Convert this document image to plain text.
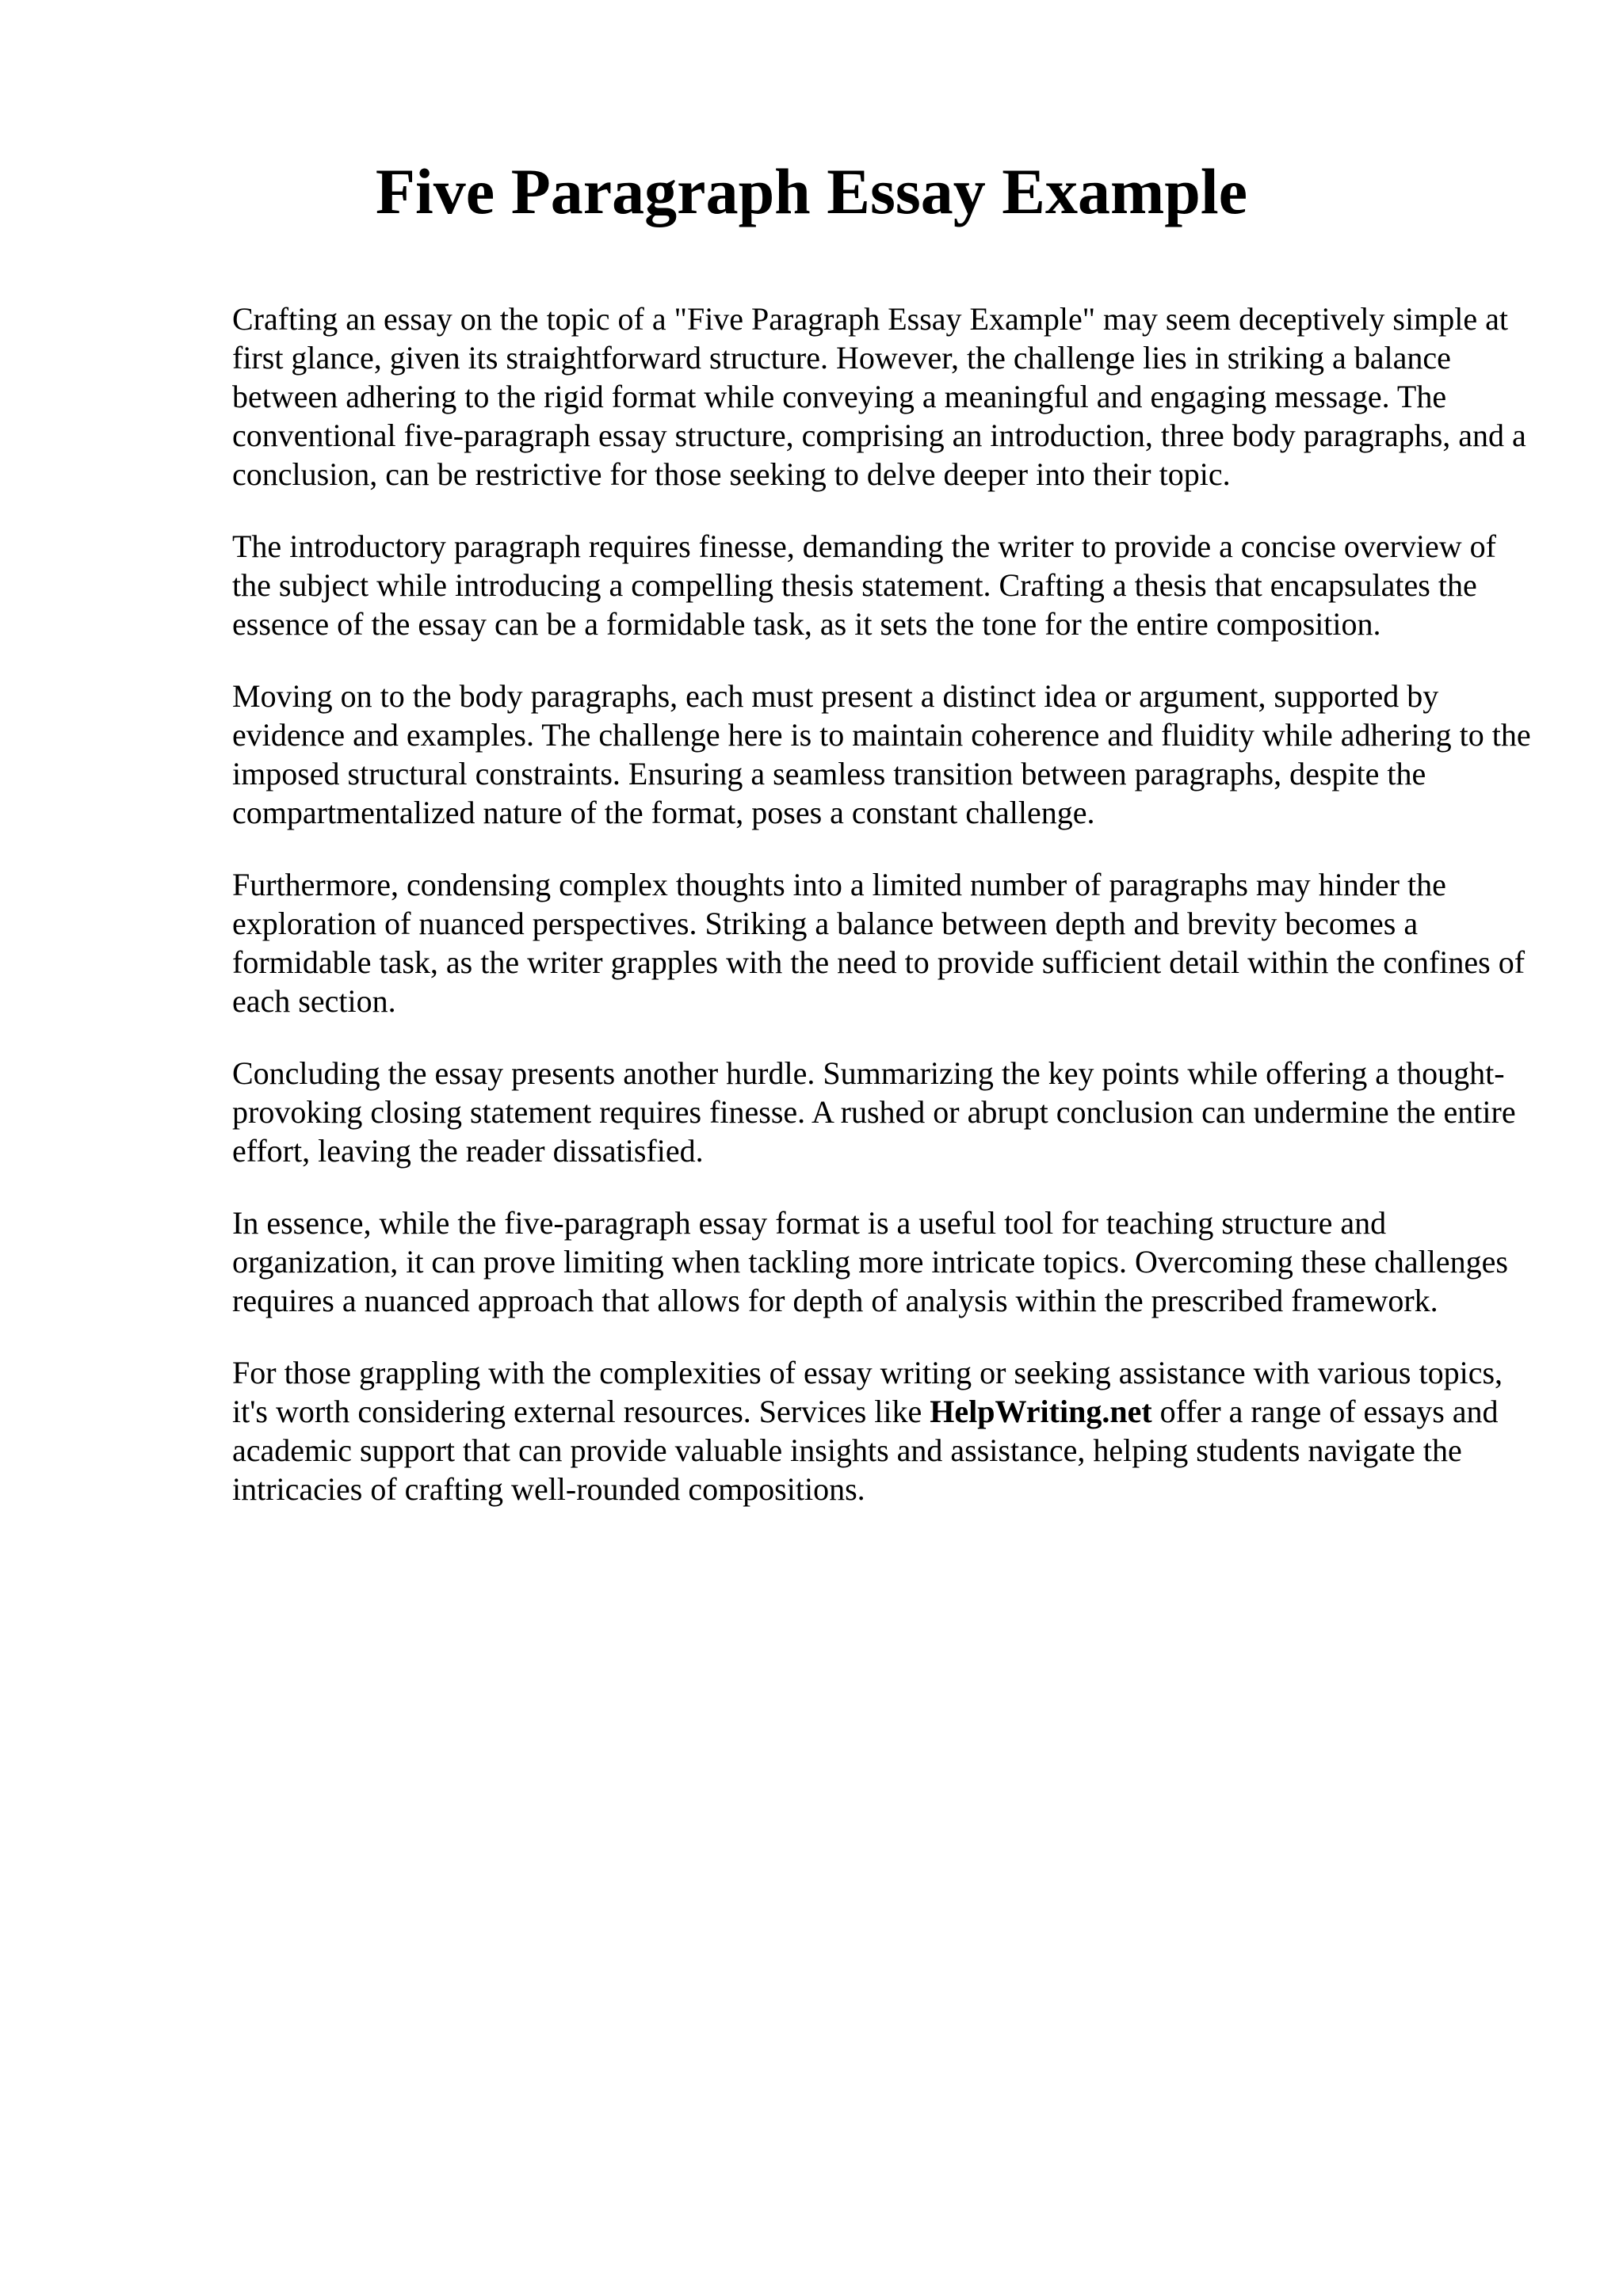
Five Paragraph Essay Example

Crafting an essay on the topic of a "Five Paragraph Essay Example" may seem deceptively simple at first glance, given its straightforward structure. However, the challenge lies in striking a balance between adhering to the rigid format while conveying a meaningful and engaging message. The conventional five-paragraph essay structure, comprising an introduction, three body paragraphs, and a conclusion, can be restrictive for those seeking to delve deeper into their topic.

The introductory paragraph requires finesse, demanding the writer to provide a concise overview of the subject while introducing a compelling thesis statement. Crafting a thesis that encapsulates the essence of the essay can be a formidable task, as it sets the tone for the entire composition.

Moving on to the body paragraphs, each must present a distinct idea or argument, supported by evidence and examples. The challenge here is to maintain coherence and fluidity while adhering to the imposed structural constraints. Ensuring a seamless transition between paragraphs, despite the compartmentalized nature of the format, poses a constant challenge.

Furthermore, condensing complex thoughts into a limited number of paragraphs may hinder the exploration of nuanced perspectives. Striking a balance between depth and brevity becomes a formidable task, as the writer grapples with the need to provide sufficient detail within the confines of each section.

Concluding the essay presents another hurdle. Summarizing the key points while offering a thought-provoking closing statement requires finesse. A rushed or abrupt conclusion can undermine the entire effort, leaving the reader dissatisfied.

In essence, while the five-paragraph essay format is a useful tool for teaching structure and organization, it can prove limiting when tackling more intricate topics. Overcoming these challenges requires a nuanced approach that allows for depth of analysis within the prescribed framework.

For those grappling with the complexities of essay writing or seeking assistance with various topics, it's worth considering external resources. Services like HelpWriting.net offer a range of essays and academic support that can provide valuable insights and assistance, helping students navigate the intricacies of crafting well-rounded compositions.
